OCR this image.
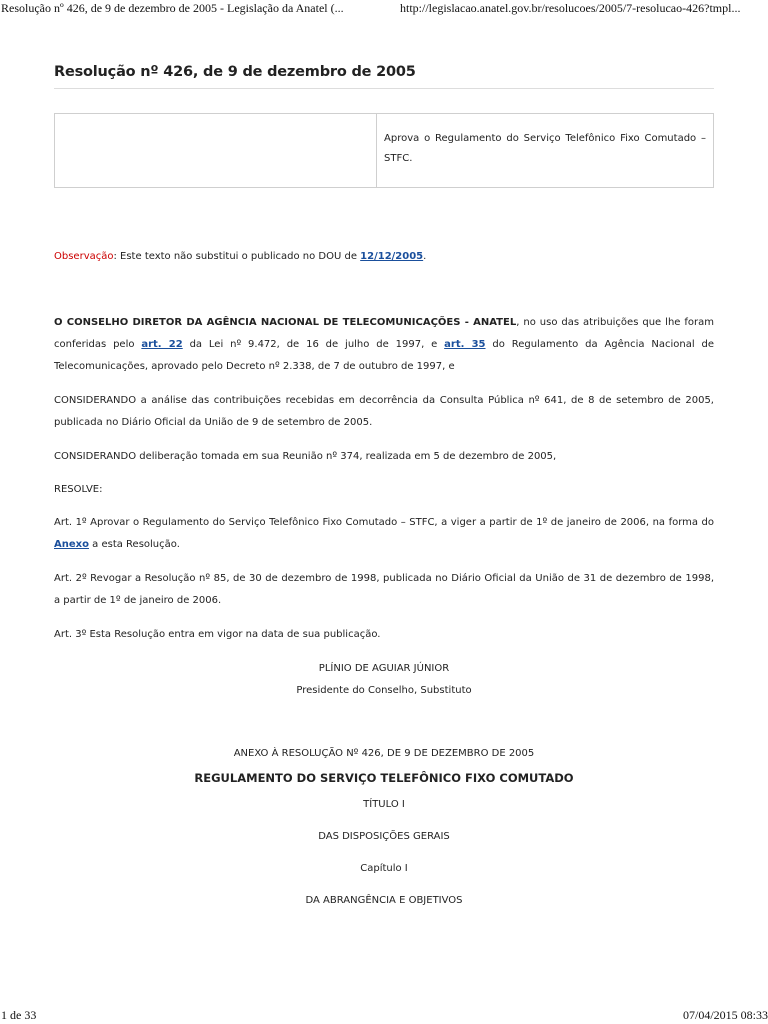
Resolução nº 426, de 9 de dezembro de 2005 - Legislação da Anatel (...	http://legislacao.anatel.gov.br/resolucoes/2005/7-resolucao-426?tmpl...
Resolução nº 426, de 9 de dezembro de 2005
	Aprova o Regulamento do Serviço Telefônico Fixo Comutado – STFC.

Observação: Este texto não substitui o publicado no DOU de 12/12/2005.

O CONSELHO DIRETOR DA AGÊNCIA NACIONAL DE TELECOMUNICAÇÕES - ANATEL, no uso das atribuições que lhe foram conferidas pelo art. 22 da Lei nº 9.472, de 16 de julho de 1997, e art. 35 do Regulamento da Agência Nacional de Telecomunicações, aprovado pelo Decreto nº 2.338, de 7 de outubro de 1997, e

CONSIDERANDO a análise das contribuições recebidas em decorrência da Consulta Pública nº 641, de 8 de setembro de 2005, publicada no Diário Oficial da União de 9 de setembro de 2005.

CONSIDERANDO deliberação tomada em sua Reunião nº 374, realizada em 5 de dezembro de 2005,

RESOLVE:

Art. 1º Aprovar o Regulamento do Serviço Telefônico Fixo Comutado – STFC, a viger a partir de 1º de janeiro de 2006, na forma do Anexo a esta Resolução.

Art. 2º Revogar a Resolução nº 85, de 30 de dezembro de 1998, publicada no Diário Oficial da União de 31 de dezembro de 1998, a partir de 1º de janeiro de 2006.

Art. 3º Esta Resolução entra em vigor na data de sua publicação.

PLÍNIO DE AGUIAR JÚNIOR
Presidente do Conselho, Substituto
ANEXO À RESOLUÇÃO Nº 426, DE 9 DE DEZEMBRO DE 2005
REGULAMENTO DO SERVIÇO TELEFÔNICO FIXO COMUTADO
TÍTULO I
DAS DISPOSIÇÕES GERAIS
Capítulo I
DA ABRANGÊNCIA E OBJETIVOS
1 de 33	07/04/2015 08:33
